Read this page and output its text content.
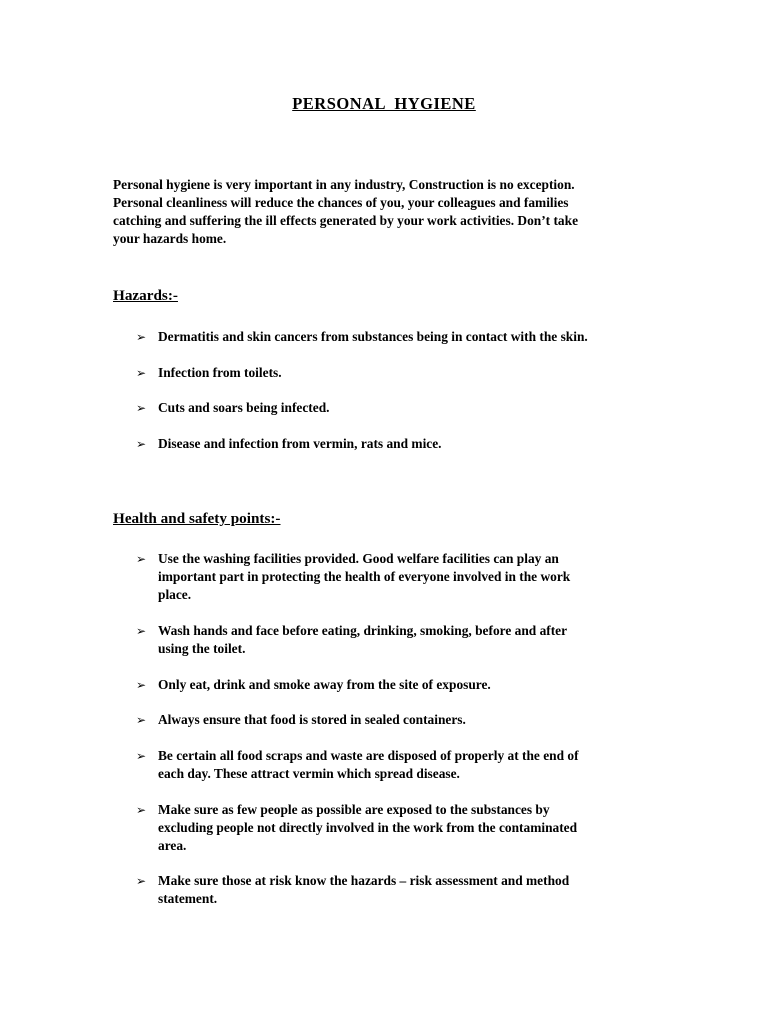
PERSONAL  HYGIENE
Personal hygiene is very important in any industry, Construction is no exception.
Personal cleanliness will reduce the chances of you, your colleagues and families
catching and suffering the ill effects generated by your work activities. Don’t take
your hazards home.
Hazards:-
➢ Dermatitis and skin cancers from substances being in contact with the skin.
➢ Infection from toilets.
➢ Cuts and soars being infected.
➢ Disease and infection from vermin, rats and mice.
Health and safety points:-
➢ Use the washing facilities provided. Good welfare facilities can play an
important part in protecting the health of everyone involved in the work
place.
➢ Wash hands and face before eating, drinking, smoking, before and after
using the toilet.
➢ Only eat, drink and smoke away from the site of exposure.
➢ Always ensure that food is stored in sealed containers.
➢ Be certain all food scraps and waste are disposed of properly at the end of
each day. These attract vermin which spread disease.
➢ Make sure as few people as possible are exposed to the substances by
excluding people not directly involved in the work from the contaminated
area.
➢ Make sure those at risk know the hazards – risk assessment and method
statement.
